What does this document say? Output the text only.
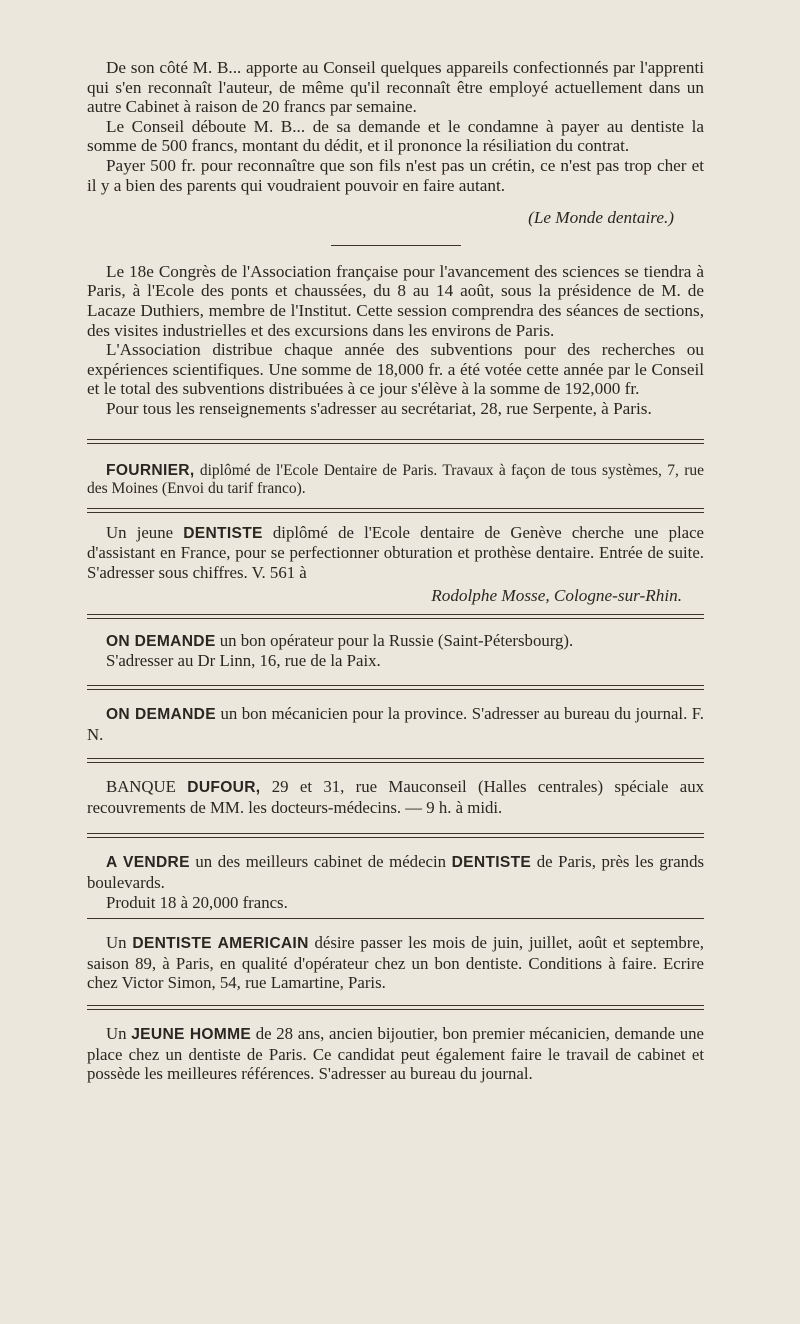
De son côté M. B... apporte au Conseil quelques appareils confectionnés par l'apprenti qui s'en reconnaît l'auteur, de même qu'il reconnaît être employé actuellement dans un autre Cabinet à raison de 20 francs par semaine.

Le Conseil déboute M. B... de sa demande et le condamne à payer au dentiste la somme de 500 francs, montant du dédit, et il prononce la résiliation du contrat.

Payer 500 fr. pour reconnaître que son fils n'est pas un crétin, ce n'est pas trop cher et il y a bien des parents qui voudraient pouvoir en faire autant.

(Le Monde dentaire.)

Le 18e Congrès de l'Association française pour l'avancement des sciences se tiendra à Paris, à l'Ecole des ponts et chaussées, du 8 au 14 août, sous la présidence de M. de Lacaze Duthiers, membre de l'Institut. Cette session comprendra des séances de sections, des visites industrielles et des excursions dans les environs de Paris.

L'Association distribue chaque année des subventions pour des recherches ou expériences scientifiques. Une somme de 18,000 fr. a été votée cette année par le Conseil et le total des subventions distribuées à ce jour s'élève à la somme de 192,000 fr.

Pour tous les renseignements s'adresser au secrétariat, 28, rue Serpente, à Paris.

FOURNIER, diplômé de l'Ecole Dentaire de Paris. Travaux à façon de tous systèmes, 7, rue des Moines (Envoi du tarif franco).

Un jeune DENTISTE diplômé de l'Ecole dentaire de Genève cherche une place d'assistant en France, pour se perfectionner obturation et prothèse dentaire. Entrée de suite. S'adresser sous chiffres. V. 561 à

Rodolphe Mosse, Cologne-sur-Rhin.

ON DEMANDE un bon opérateur pour la Russie (Saint-Pétersbourg).

S'adresser au Dr Linn, 16, rue de la Paix.

ON DEMANDE un bon mécanicien pour la province. S'adresser au bureau du journal. F. N.

BANQUE DUFOUR, 29 et 31, rue Mauconseil (Halles centrales) spéciale aux recouvrements de MM. les docteurs-médecins. — 9 h. à midi.

A VENDRE un des meilleurs cabinet de médecin DENTISTE de Paris, près les grands boulevards.

Produit 18 à 20,000 francs.

Un DENTISTE AMERICAIN désire passer les mois de juin, juillet, août et septembre, saison 89, à Paris, en qualité d'opérateur chez un bon dentiste. Conditions à faire. Ecrire chez Victor Simon, 54, rue Lamartine, Paris.

Un JEUNE HOMME de 28 ans, ancien bijoutier, bon premier mécanicien, demande une place chez un dentiste de Paris. Ce candidat peut également faire le travail de cabinet et possède les meilleures références. S'adresser au bureau du journal.
